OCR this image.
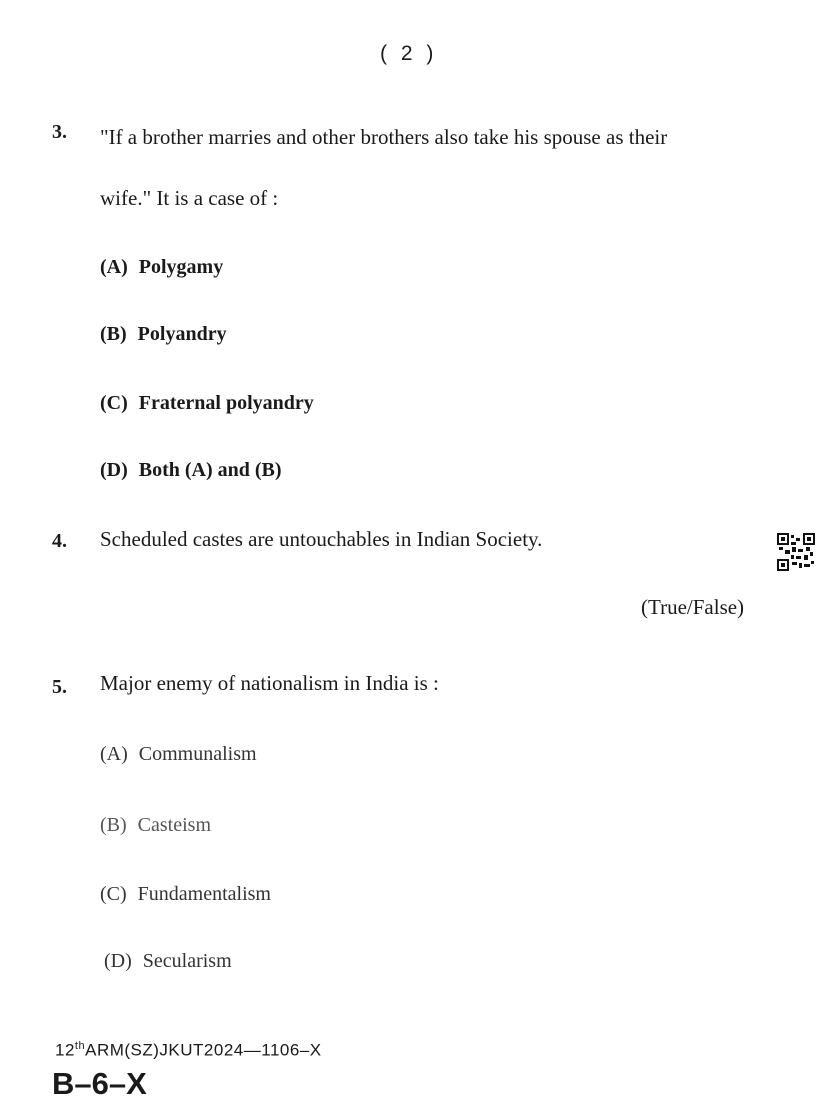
( 2 )
3. "If a brother marries and other brothers also take his spouse as their
wife." It is a case of :
(A) Polygamy
(B) Polyandry
(C) Fraternal polyandry
(D) Both (A) and (B)
4. Scheduled castes are untouchables in Indian Society.
(True/False)
5. Major enemy of nationalism in India is :
(A) Communalism
(B) Casteism
(C) Fundamentalism
(D) Secularism
12thARM(SZ)JKUT2024—1106–X
B–6–X
